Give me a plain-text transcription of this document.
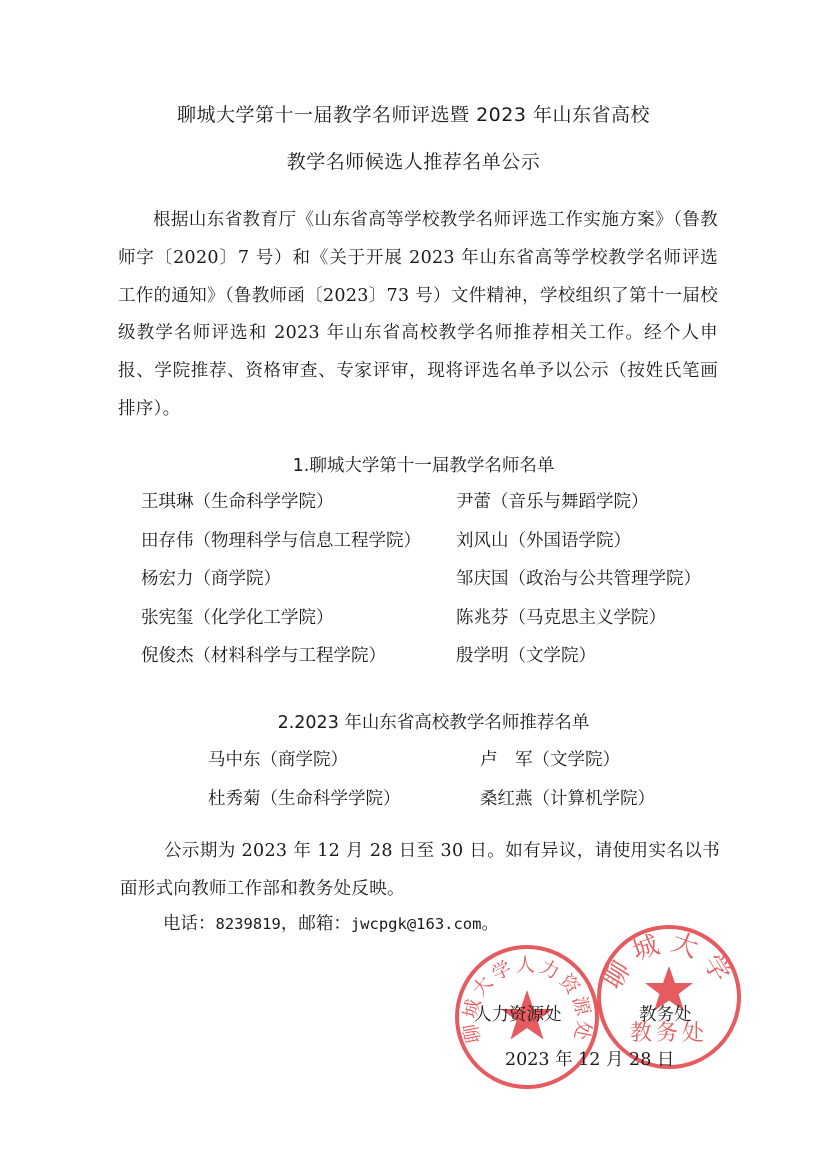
聊城大学第十一届教学名师评选暨 2023 年山东省高校
教学名师候选人推荐名单公示
根据山东省教育厅《山东省高等学校教学名师评选工作实施方案》（鲁教师字〔2020〕7 号）和《关于开展 2023 年山东省高等学校教学名师评选工作的通知》（鲁教师函〔2023〕73 号）文件精神，学校组织了第十一届校级教学名师评选和 2023 年山东省高校教学名师推荐相关工作。经个人申报、学院推荐、资格审查、专家评审，现将评选名单予以公示（按姓氏笔画排序）。
1.聊城大学第十一届教学名师名单
王琪琳（生命科学学院）
田存伟（物理科学与信息工程学院）
杨宏力（商学院）
张宪玺（化学化工学院）
倪俊杰（材料科学与工程学院）
尹蕾（音乐与舞蹈学院）
刘风山（外国语学院）
邹庆国（政治与公共管理学院）
陈兆芬（马克思主义学院）
殷学明（文学院）
2.2023 年山东省高校教学名师推荐名单
马中东（商学院）
杜秀菊（生命科学学院）
卢　军（文学院）
桑红燕（计算机学院）
公示期为 2023 年 12 月 28 日至 30 日。如有异议，请使用实名以书面形式向教师工作部和教务处反映。
电话：8239819，邮箱：jwcpgk@163.com。
聊城大学人力资源处
聊城大学
教务处
人力资源处	教务处
2023 年 12 月 28 日
